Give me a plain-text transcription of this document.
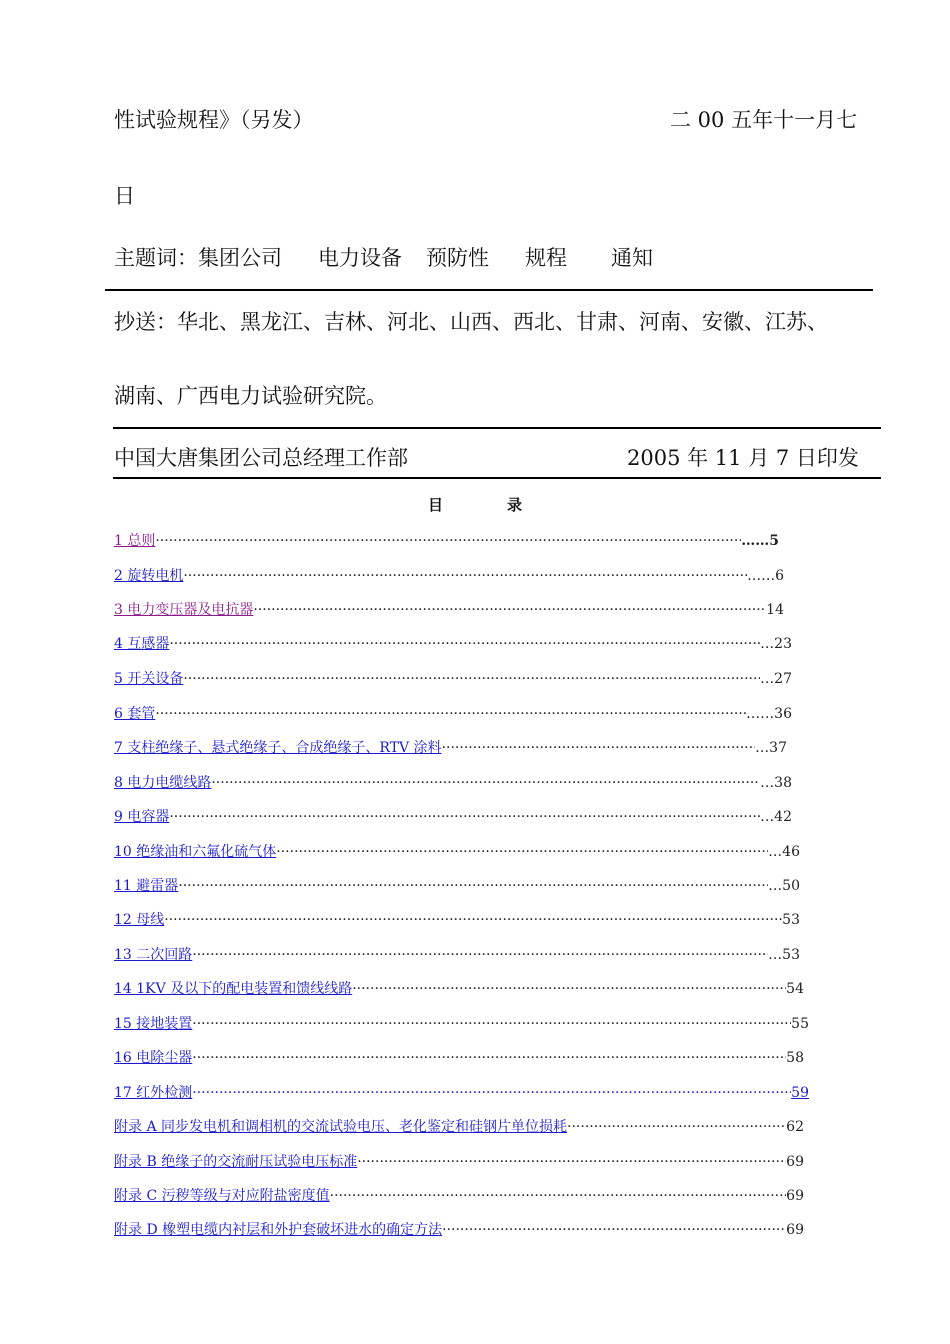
性试验规程》（另发）	二 00 五年十一月七
日
主题词：集团公司 电力设备 预防性 规程 通知
抄送：华北、黑龙江、吉林、河北、山西、西北、甘肃、河南、安徽、江苏、
湖南、广西电力试验研究院。
中国大唐集团公司总经理工作部	2005 年 11 月 7 日印发
目	录
1 总则 ·····	……5
2 旋转电机 ·····	……6
3 电力变压器及电抗器 ·····	14
4 互感器 ·····	…23
5 开关设备 ·····	…27
6 套管 ·····	……36
7 支柱绝缘子、悬式绝缘子、合成绝缘子、RTV 涂料 ·····	…37
8 电力电缆线路 ·····	…38
9 电容器 ·····	…42
10 绝缘油和六氟化硫气体 ·····	…46
11 避雷器 ·····	…50
12 母线 ·····	53
13 二次回路 ·····	…53
14 1KV 及以下的配电装置和馈线线路 ·····	54
15 接地装置 ·····	55
16 电除尘器 ·····	58
17 红外检测 ·····	59
附录 A 同步发电机和调相机的交流试验电压、老化鉴定和硅钢片单位损耗 ·····	62
附录 B 绝缘子的交流耐压试验电压标准 ·····	69
附录 C 污秽等级与对应附盐密度值 ·····	69
附录 D 橡塑电缆内衬层和外护套破坏进水的确定方法 ·····	69
